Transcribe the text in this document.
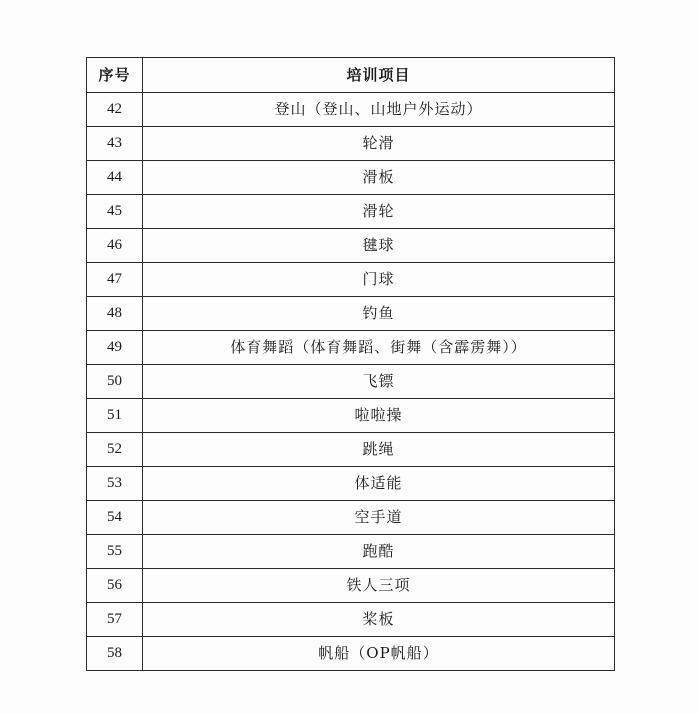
序号	培训项目
42	登山（登山、山地户外运动）
43	轮滑
44	滑板
45	滑轮
46	毽球
47	门球
48	钓鱼
49	体育舞蹈（体育舞蹈、街舞（含霹雳舞））
50	飞镖
51	啦啦操
52	跳绳
53	体适能
54	空手道
55	跑酷
56	铁人三项
57	桨板
58	帆船（OP帆船）
